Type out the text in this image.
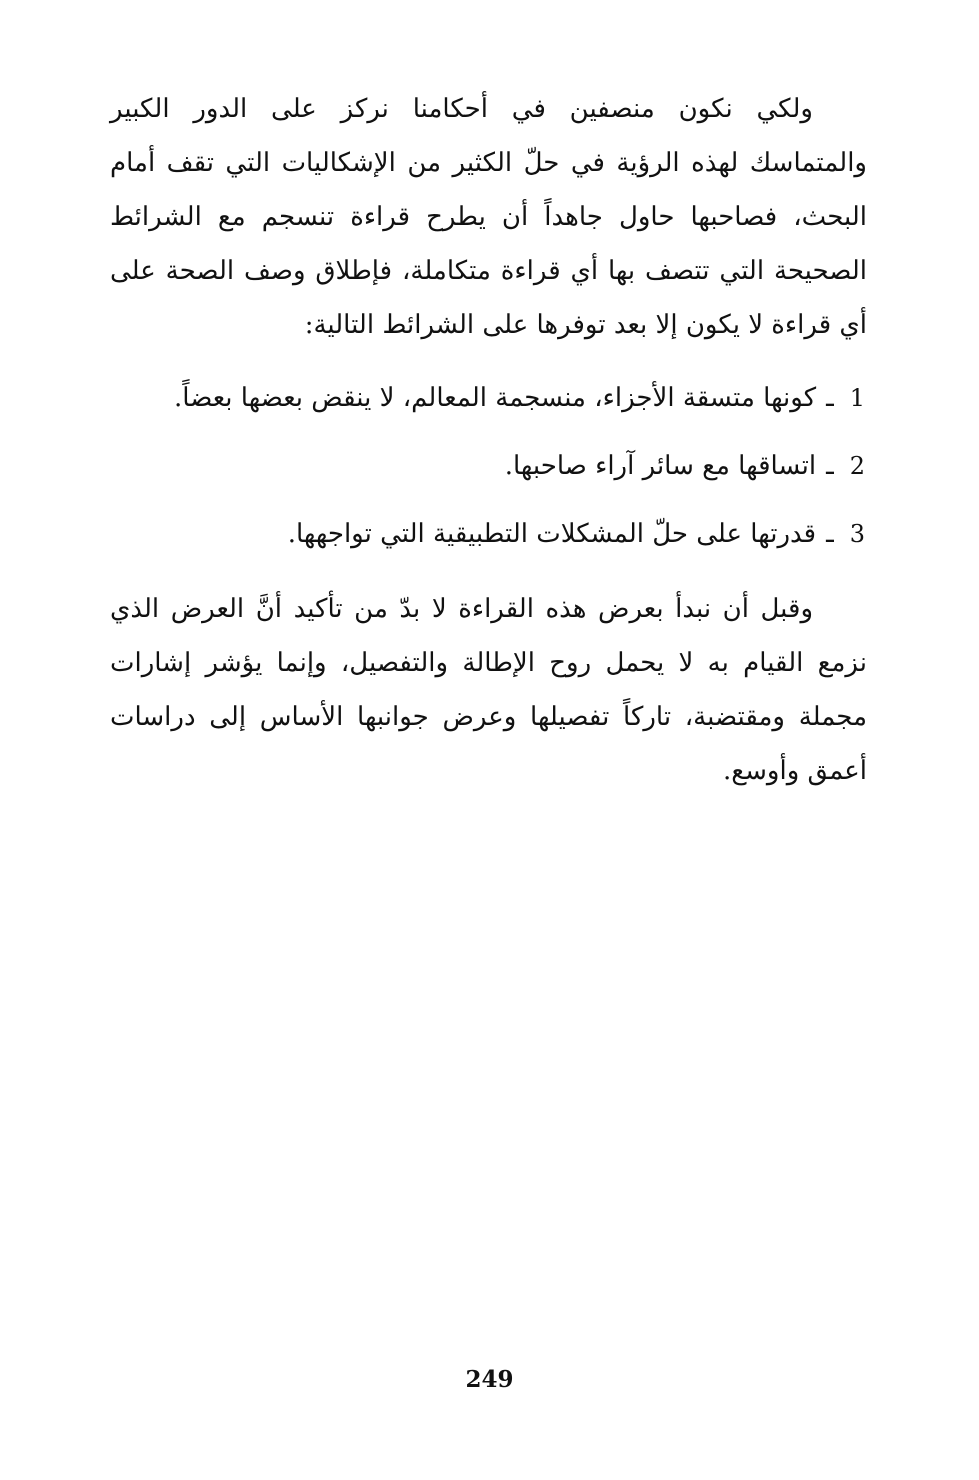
ولكي نكون منصفين في أحكامنا نركز على الدور الكبير والمتماسك لهذه الرؤية في حلّ الكثير من الإشكاليات التي تقف أمام البحث، فصاحبها حاول جاهداً أن يطرح قراءة تنسجم مع الشرائط الصحيحة التي تتصف بها أي قراءة متكاملة، فإطلاق وصف الصحة على أي قراءة لا يكون إلا بعد توفرها على الشرائط التالية:

1
ـ
كونها متسقة الأجزاء، منسجمة المعالم، لا ينقض بعضها بعضاً.
2
ـ
اتساقها مع سائر آراء صاحبها.
3
ـ
قدرتها على حلّ المشكلات التطبيقية التي تواجهها.

وقبل أن نبدأ بعرض هذه القراءة لا بدّ من تأكيد أنَّ العرض الذي نزمع القيام به لا يحمل روح الإطالة والتفصيل، وإنما يؤشر إشارات مجملة ومقتضبة، تاركاً تفصيلها وعرض جوانبها الأساس إلى دراسات أعمق وأوسع.

249
